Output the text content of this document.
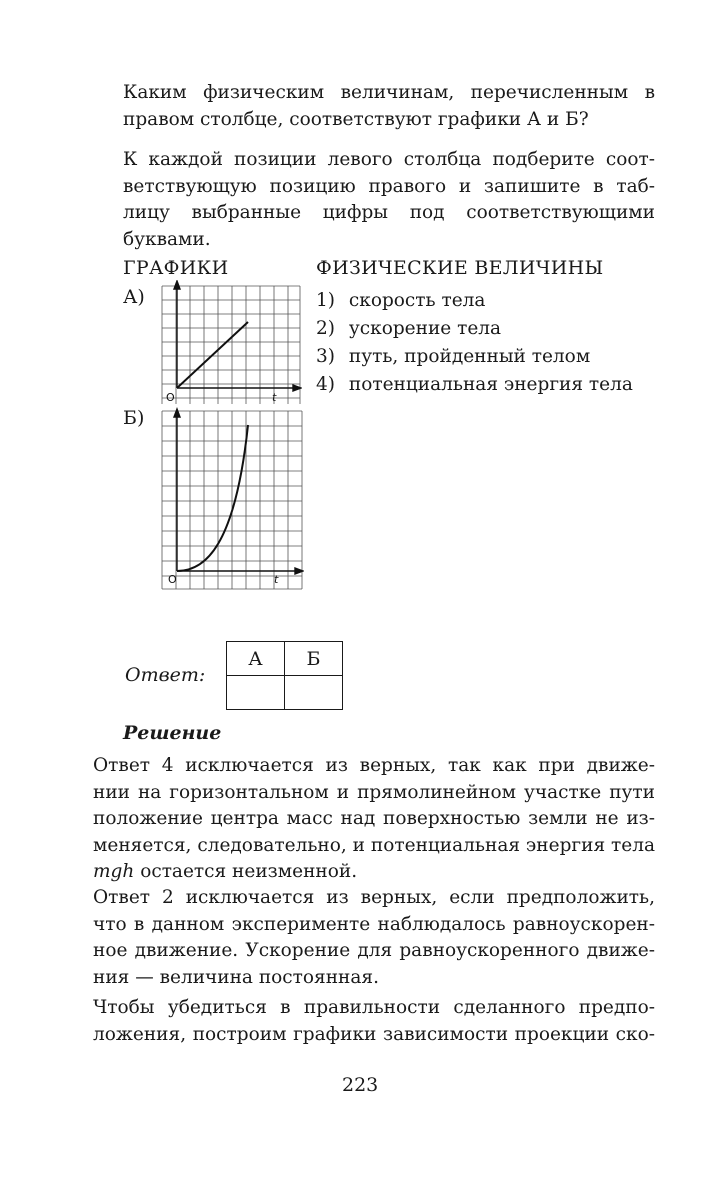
Каким физическим величинам, перечисленным в
правом столбце, соответствуют графики А и Б?
К каждой позиции левого столбца подберите соот-
ветствующую позицию правого и запишите в таб-
лицу выбранные цифры под соответствующими
буквами.
ГРАФИКИ	ФИЗИЧЕСКИЕ ВЕЛИЧИНЫ
А)
Б)
O	t
O	t
1) скорость тела
2) ускорение тела
3) путь, пройденный телом
4) потенциальная энергия тела
Ответ:
А	Б

Решение
Ответ 4 исключается из верных, так как при движе-
нии на горизонтальном и прямолинейном участке пути
положение центра масс над поверхностью земли не из-
меняется, следовательно, и потенциальная энергия тела
mgh остается неизменной.
Ответ 2 исключается из верных, если предположить,
что в данном эксперименте наблюдалось равноускорен-
ное движение. Ускорение для равноускоренного движе-
ния — величина постоянная.
Чтобы убедиться в правильности сделанного предпо-
ложения, построим графики зависимости проекции ско-
223
